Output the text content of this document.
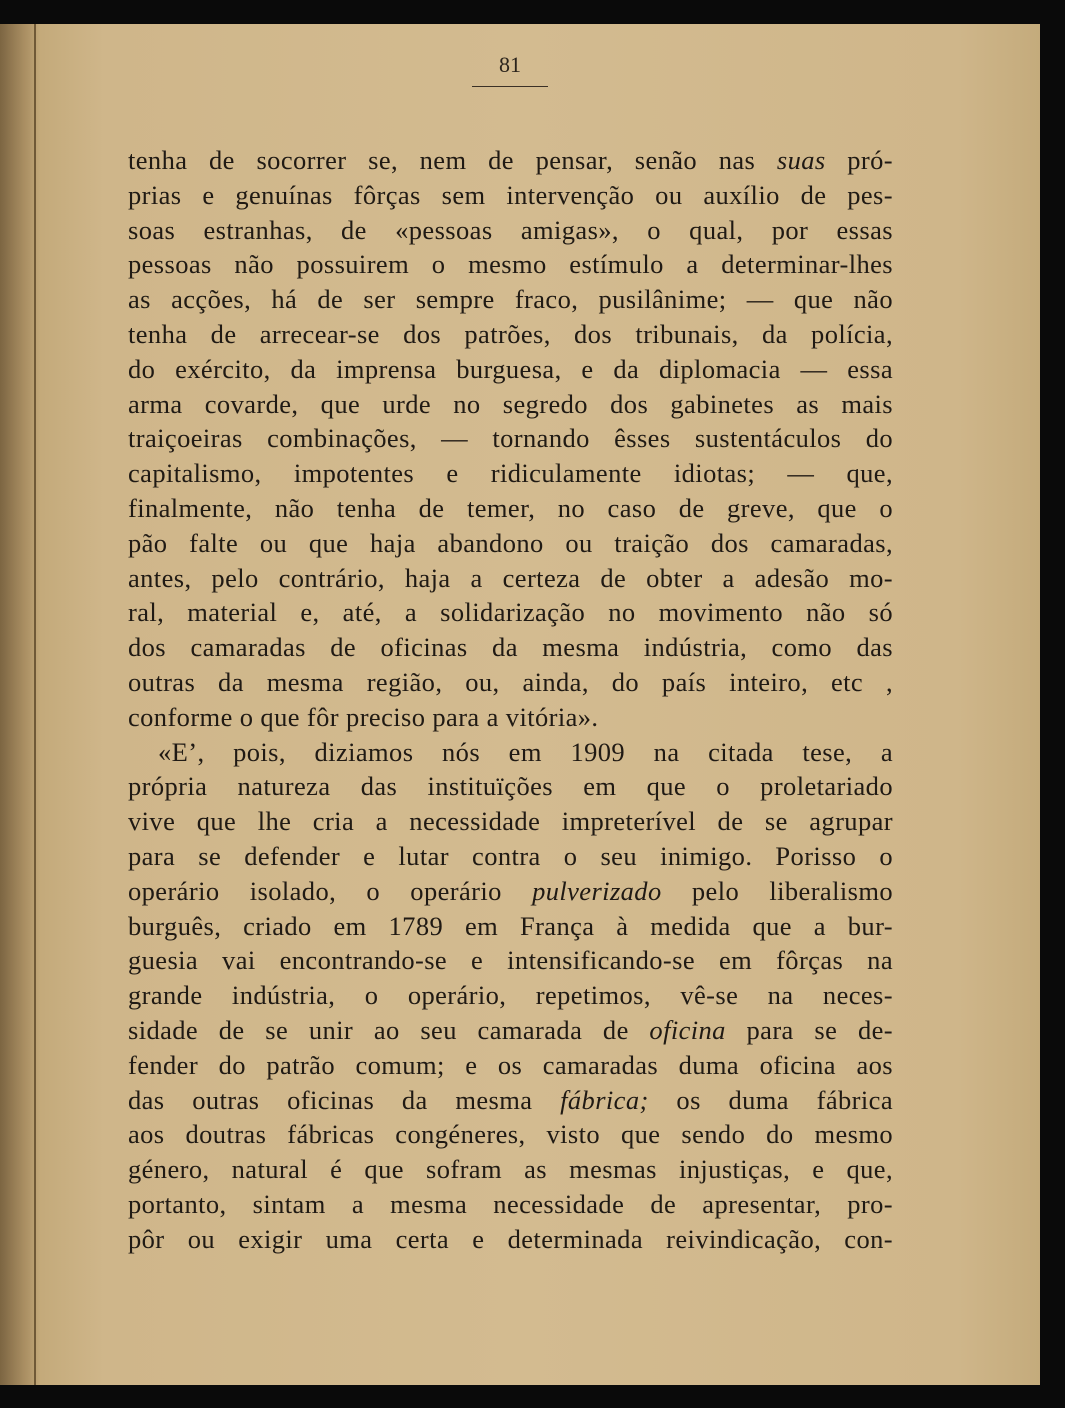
81
tenha de socorrer se, nem de pensar, senão nas suas pró-
prias e genuínas fôrças sem intervenção ou auxílio de pes-
soas estranhas, de «pessoas amigas», o qual, por essas
pessoas não possuirem o mesmo estímulo a determinar-lhes
as acções, há de ser sempre fraco, pusilânime; — que não
tenha de arrecear-se dos patrões, dos tribunais, da polícia,
do exército, da imprensa burguesa, e da diplomacia — essa
arma covarde, que urde no segredo dos gabinetes as mais
traiçoeiras combinações, — tornando êsses sustentáculos do
capitalismo, impotentes e ridiculamente idiotas; — que,
finalmente, não tenha de temer, no caso de greve, que o
pão falte ou que haja abandono ou traição dos camaradas,
antes, pelo contrário, haja a certeza de obter a adesão mo-
ral, material e, até, a solidarização no movimento não só
dos camaradas de oficinas da mesma indústria, como das
outras da mesma região, ou, ainda, do país inteiro, etc ,
conforme o que fôr preciso para a vitória».
«E’, pois, diziamos nós em 1909 na citada tese, a
própria natureza das instituïções em que o proletariado
vive que lhe cria a necessidade impreterível de se agrupar
para se defender e lutar contra o seu inimigo. Porisso o
operário isolado, o operário pulverizado pelo liberalismo
burguês, criado em 1789 em França à medida que a bur-
guesia vai encontrando-se e intensificando-se em fôrças na
grande indústria, o operário, repetimos, vê-se na neces-
sidade de se unir ao seu camarada de oficina para se de-
fender do patrão comum; e os camaradas duma oficina aos
das outras oficinas da mesma fábrica; os duma fábrica
aos doutras fábricas congéneres, visto que sendo do mesmo
género, natural é que sofram as mesmas injustiças, e que,
portanto, sintam a mesma necessidade de apresentar, pro-
pôr ou exigir uma certa e determinada reivindicação, con-
